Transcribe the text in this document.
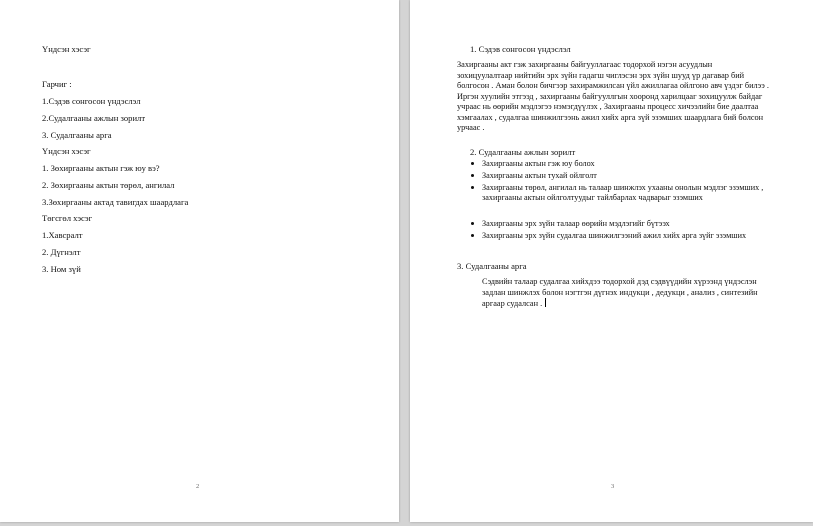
Үндсэн хэсэг
Гарчиг :
1.Сэдэв сонгосон үндэслэл
2.Судалгааны ажлын зорилт
3. Судалгааны арга
Үндсэн хэсэг
1. Зөхиргааны актын гэж юу вэ?
2. Зөхиргааны актын төрөл, ангилал
3.Зөхиргааны актад тавигдах шаардлага
Төгсгөл хэсэг
1.Хавсралт
2. Дүгнэлт
3. Ном зүй
2
1. Сэдэв сонгосон үндэслэл
Захиргааны акт гэж захиргааны байгууллагаас тодорхой нэгэн асуудлын зохицуулалтаар нийтийн эрх зүйн гадагш чиглэсэн эрх зүйн шууд үр дагавар бий болгосон . Аман болон бичгээр захирамжилсан үйл ажиллагаа ойлгоно авч үздэг билээ . Иргэн хуулийн этгээд , захиргааны байгууллгын хооронд харилцааг зохицуулж байдаг учраас нь өөрийн мэдлэгээ нэмэгдүүлэх , Захиргааны процесс хичээлийн бие даалтаа хэмгаалах , судалгаа шинжилгээнь ажил хийх арга зүй эзэмших шаардлага бий болсон урчаас .
2. Судалгааны ажлын зорилт
Захиргааны актын гэж юу болох
Захиргааны актын тухай ойлголт
Захиргааны төрөл, ангилал нь талаар шинжлэх ухааны онолын мэдлэг эзэмших , захиргааны актын ойлголтуудыг тайлбарлах чадварыг эзэмших
Захиргааны эрх зүйн талаар өөрийн мэдлэгийг бүтээх
Захиргааны эрх зүйн судалгаа шинжилгээний ажил хийх арга зүйг эзэмших
3. Судалгааны арга
Сэдвийн талаар судалгаа хийхдээ тодорхой дэд сэдвүүдийн хүрээнд үндэслэн задлан шинжлэх болон нэгтгэн дүгнэх индукци , дедукци , анализ , синтезийн аргаар судалсан .
3
